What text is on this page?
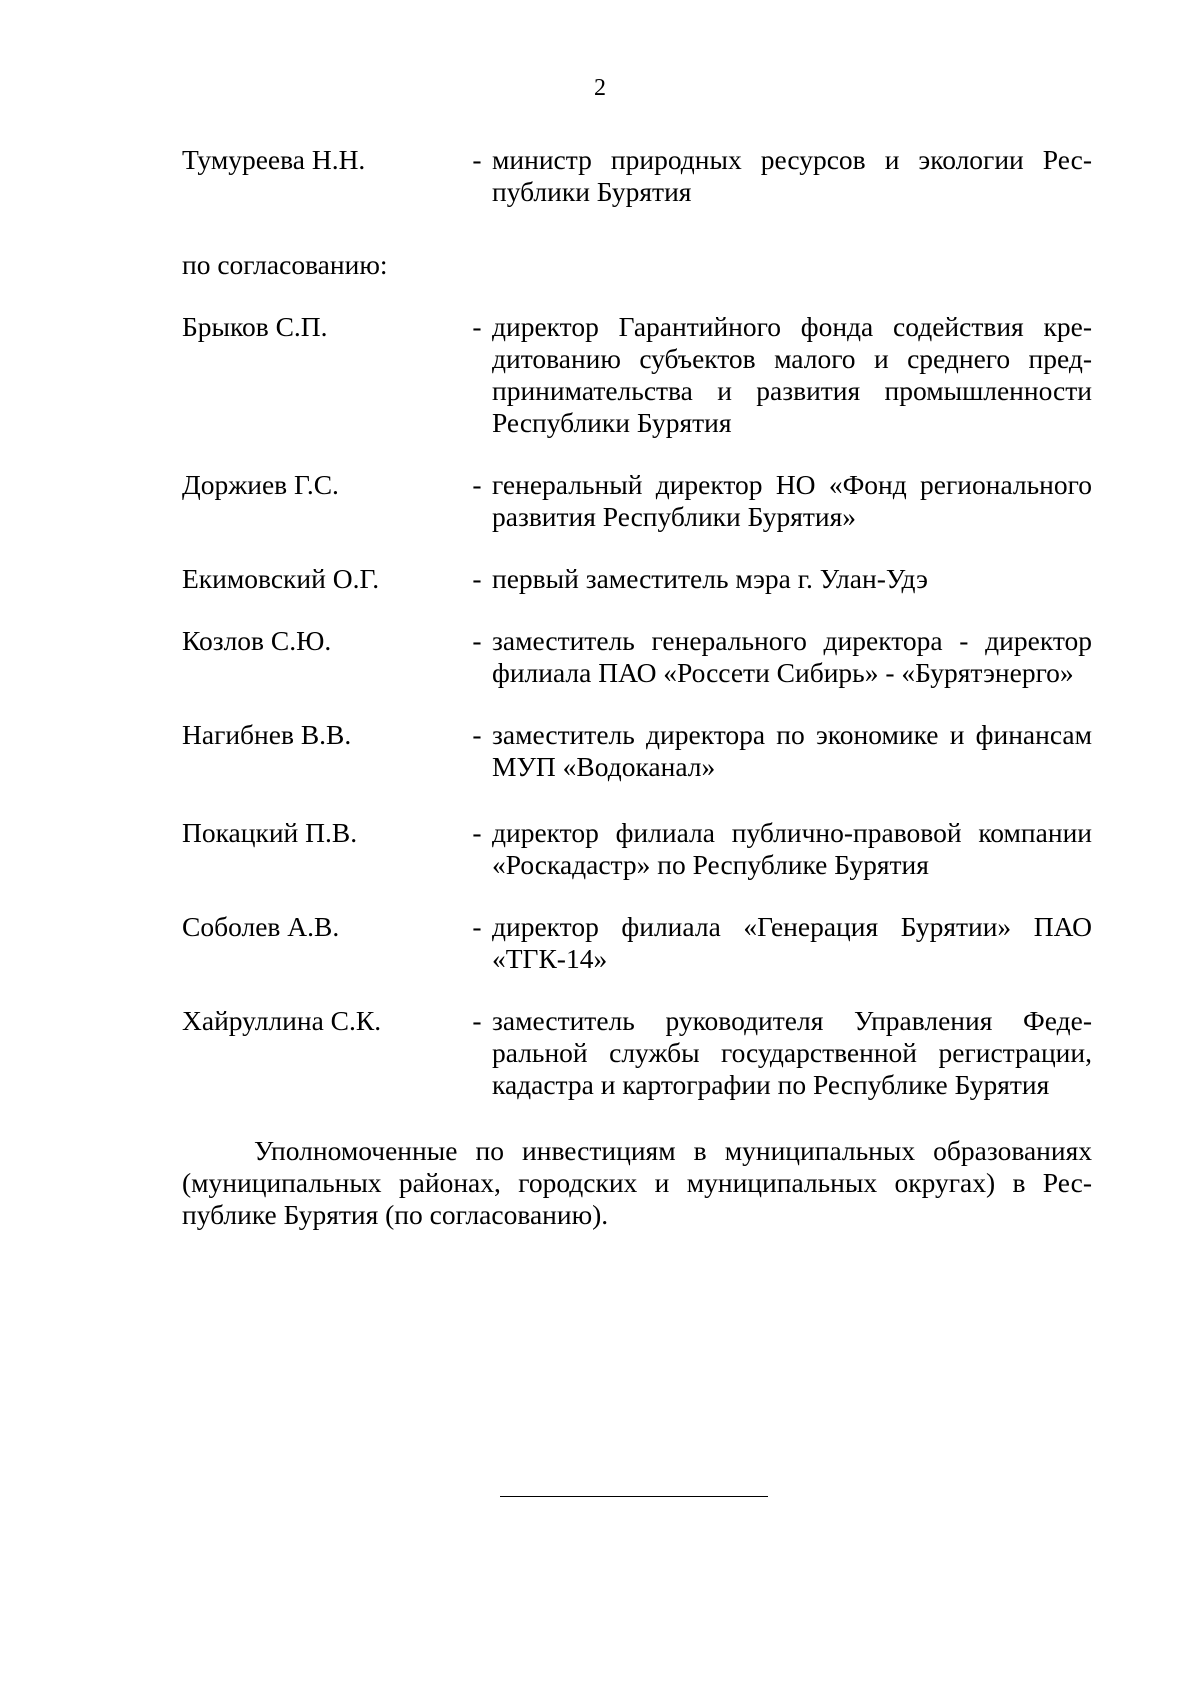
2
Тумуреева Н.Н.	- министр природных ресурсов и экологии Республики Бурятия
по согласованию:
Брыков С.П.	- директор Гарантийного фонда содействия кредитованию субъектов малого и среднего предпринимательства и развития промышленности Республики Бурятия
Доржиев Г.С.	- генеральный директор НО «Фонд регионального развития Республики Бурятия»
Екимовский О.Г.	- первый заместитель мэра г. Улан-Удэ
Козлов С.Ю.	- заместитель генерального директора - директор филиала ПАО «Россети Сибирь» - «Бурятэнерго»
Нагибнев В.В.	- заместитель директора по экономике и финансам МУП «Водоканал»
Покацкий П.В.	- директор филиала публично-правовой компании «Роскадастр» по Республике Бурятия
Соболев А.В.	- директор филиала «Генерация Бурятии» ПАО «ТГК-14»
Хайруллина С.К.	- заместитель руководителя Управления Федеральной службы государственной регистрации, кадастра и картографии по Республике Бурятия
Уполномоченные по инвестициям в муниципальных образованиях (муниципальных районах, городских и муниципальных округах) в Республике Бурятия (по согласованию).
